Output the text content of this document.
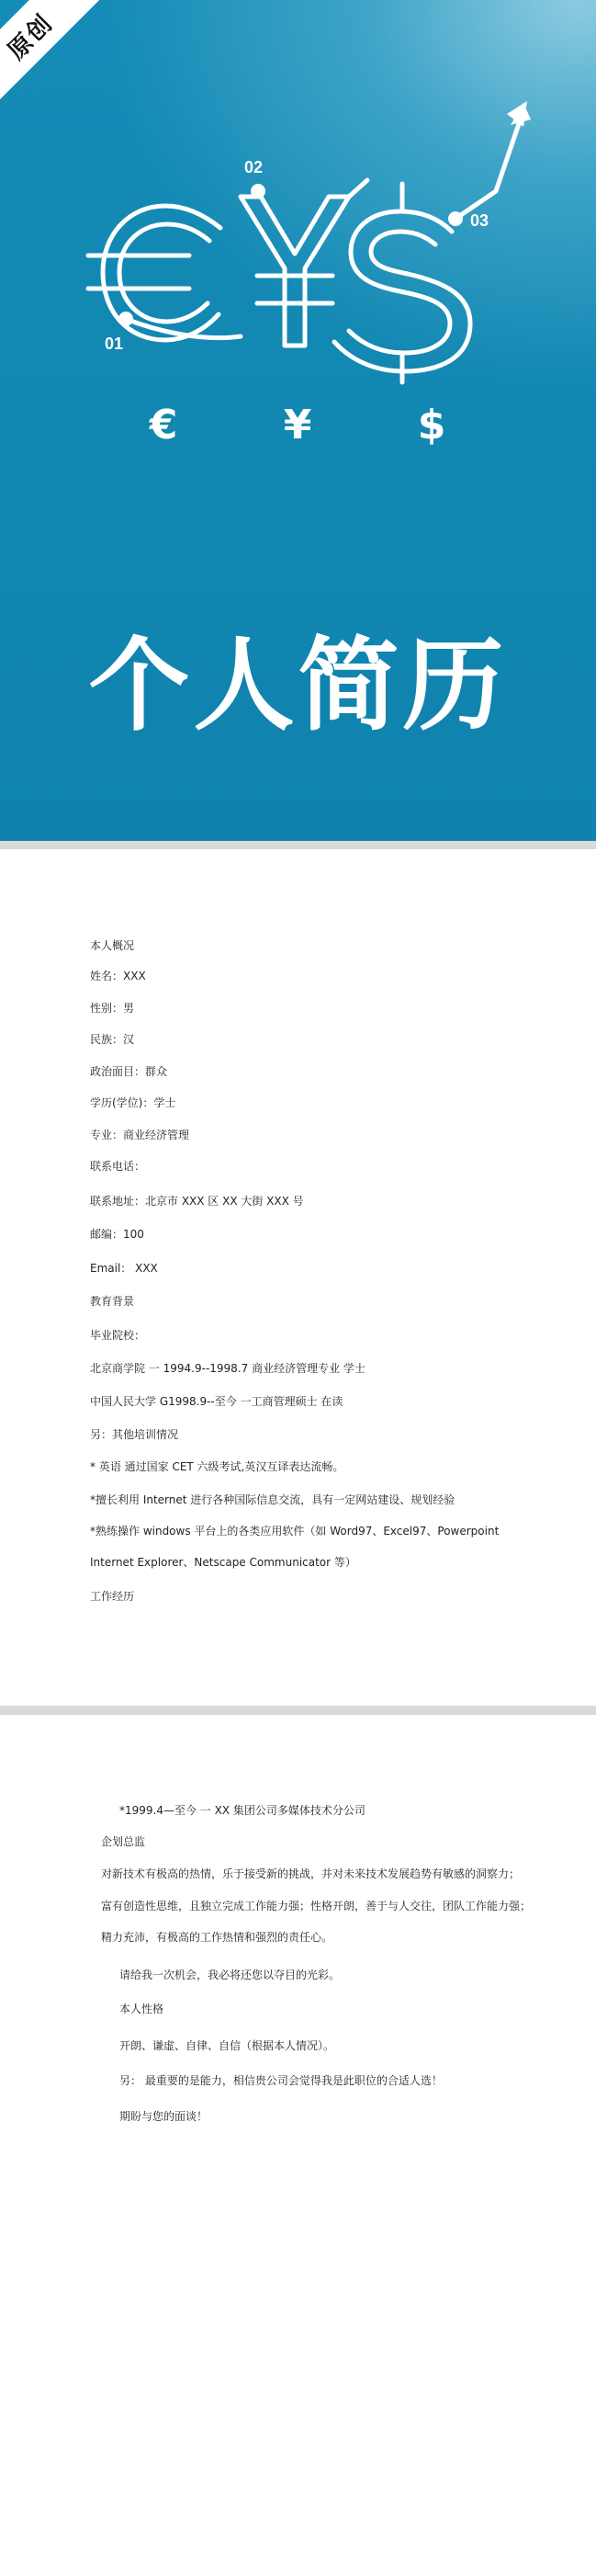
原创
01
02
03
€	¥	$
个人简历
本人概况
姓名：XXX
性别：男
民族：汉
政治面目：群众
学历(学位)：学士
专业：商业经济管理
联系电话：
联系地址：北京市 XXX 区 XX 大街 XXX 号
邮编：100
Email： XXX
教育背景
毕业院校：
北京商学院 一 1994.9--1998.7 商业经济管理专业 学士
中国人民大学 G1998.9--至今 一工商管理硕士 在读
另：其他培训情况
* 英语 通过国家 CET 六级考试,英汉互译表达流畅。
*擅长利用 Internet 进行各种国际信息交流，具有一定网站建设、规划经验
*熟练操作 windows 平台上的各类应用软件（如 Word97、Excel97、Powerpoint
Internet Explorer、Netscape Communicator 等）
工作经历
*1999.4—至今 一 XX 集团公司多媒体技术分公司
企划总监
对新技术有极高的热情，乐于接受新的挑战，并对未来技术发展趋势有敏感的洞察力；
富有创造性思维，且独立完成工作能力强；性格开朗，善于与人交往，团队工作能力强；
精力充沛，有极高的工作热情和强烈的责任心。
请给我一次机会，我必将还您以夺目的光彩。
本人性格
开朗、谦虚、自律、自信（根据本人情况）。
另： 最重要的是能力，相信贵公司会觉得我是此职位的合适人选！
期盼与您的面谈！
